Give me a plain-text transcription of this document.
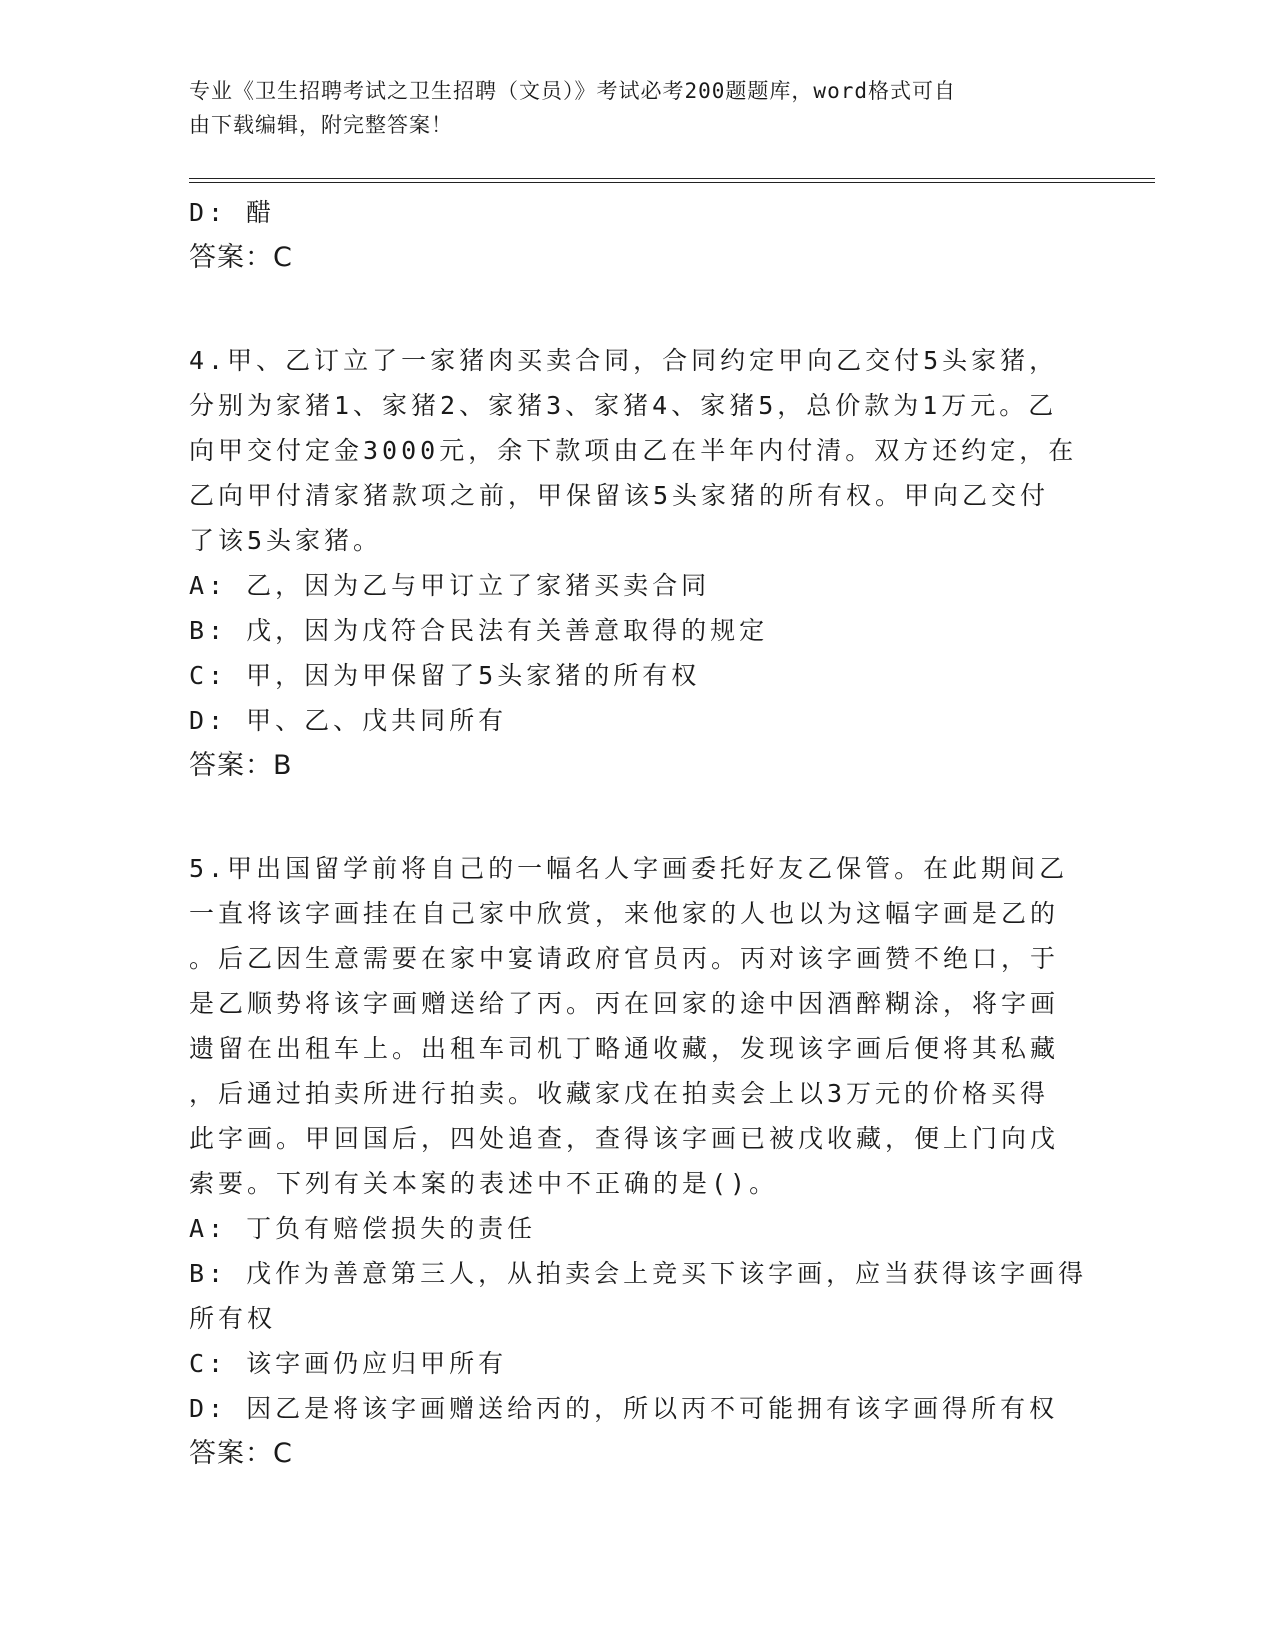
专业《卫生招聘考试之卫生招聘（文员）》考试必考200题题库，word格式可自
由下载编辑，附完整答案！

D: 醋

答案：C

4.甲、乙订立了一家猪肉买卖合同，合同约定甲向乙交付5头家猪，

分别为家猪1、家猪2、家猪3、家猪4、家猪5，总价款为1万元。乙

向甲交付定金3000元，余下款项由乙在半年内付清。双方还约定，在

乙向甲付清家猪款项之前，甲保留该5头家猪的所有权。甲向乙交付

了该5头家猪。

A: 乙，因为乙与甲订立了家猪买卖合同

B: 戊，因为戊符合民法有关善意取得的规定

C: 甲，因为甲保留了5头家猪的所有权

D: 甲、乙、戊共同所有

答案：B

5.甲出国留学前将自己的一幅名人字画委托好友乙保管。在此期间乙

一直将该字画挂在自己家中欣赏，来他家的人也以为这幅字画是乙的

。后乙因生意需要在家中宴请政府官员丙。丙对该字画赞不绝口，于

是乙顺势将该字画赠送给了丙。丙在回家的途中因酒醉糊涂，将字画

遗留在出租车上。出租车司机丁略通收藏，发现该字画后便将其私藏

，后通过拍卖所进行拍卖。收藏家戊在拍卖会上以3万元的价格买得

此字画。甲回国后，四处追查，查得该字画已被戊收藏，便上门向戊

索要。下列有关本案的表述中不正确的是()。

A: 丁负有赔偿损失的责任

B: 戊作为善意第三人，从拍卖会上竞买下该字画，应当获得该字画得

所有权

C: 该字画仍应归甲所有

D: 因乙是将该字画赠送给丙的，所以丙不可能拥有该字画得所有权

答案：C
